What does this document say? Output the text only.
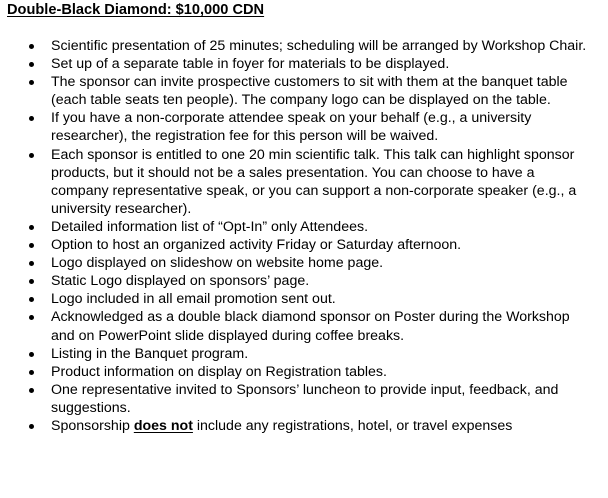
Double-Black Diamond: $10,000 CDN
Scientific presentation of 25 minutes; scheduling will be arranged by Workshop Chair.
Set up of a separate table in foyer for materials to be displayed.
The sponsor can invite prospective customers to sit with them at the banquet table (each table seats ten people). The company logo can be displayed on the table.
If you have a non-corporate attendee speak on your behalf (e.g., a university researcher), the registration fee for this person will be waived.
Each sponsor is entitled to one 20 min scientific talk. This talk can highlight sponsor products, but it should not be a sales presentation. You can choose to have a company representative speak, or you can support a non-corporate speaker (e.g., a university researcher).
Detailed information list of “Opt-In” only Attendees.
Option to host an organized activity Friday or Saturday afternoon.
Logo displayed on slideshow on website home page.
Static Logo displayed on sponsors’ page.
Logo included in all email promotion sent out.
Acknowledged as a double black diamond sponsor on Poster during the Workshop and on PowerPoint slide displayed during coffee breaks.
Listing in the Banquet program.
Product information on display on Registration tables.
One representative invited to Sponsors’ luncheon to provide input, feedback, and suggestions.
Sponsorship does not include any registrations, hotel, or travel expenses
